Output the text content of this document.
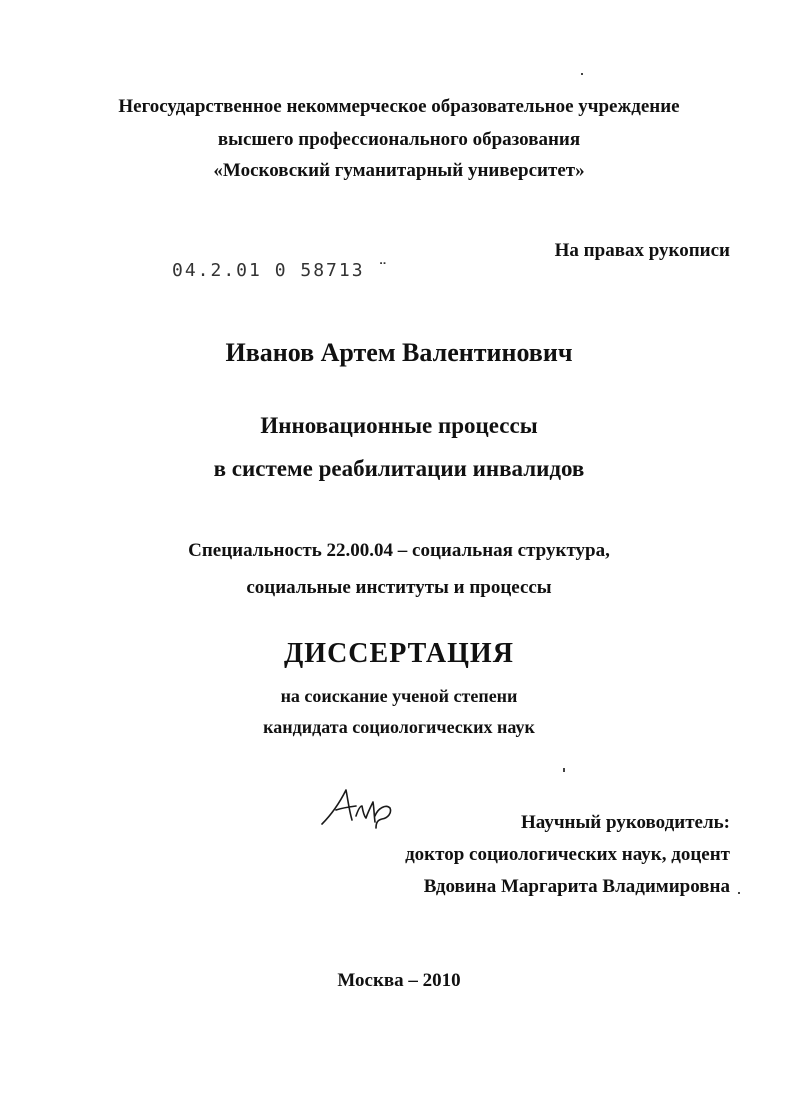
Негосударственное некоммерческое образовательное учреждение

высшего профессионального образования

«Московский гуманитарный университет»

На правах рукописи

04.2.01 0 58713 ¨

Иванов Артем Валентинович

Инновационные процессы

в системе реабилитации инвалидов

Специальность 22.00.04 – социальная структура,

социальные институты и процессы

ДИССЕРТАЦИЯ

на соискание ученой степени

кандидата социологических наук

Научный руководитель:

доктор социологических наук, доцент

Вдовина Маргарита Владимировна

Москва – 2010
